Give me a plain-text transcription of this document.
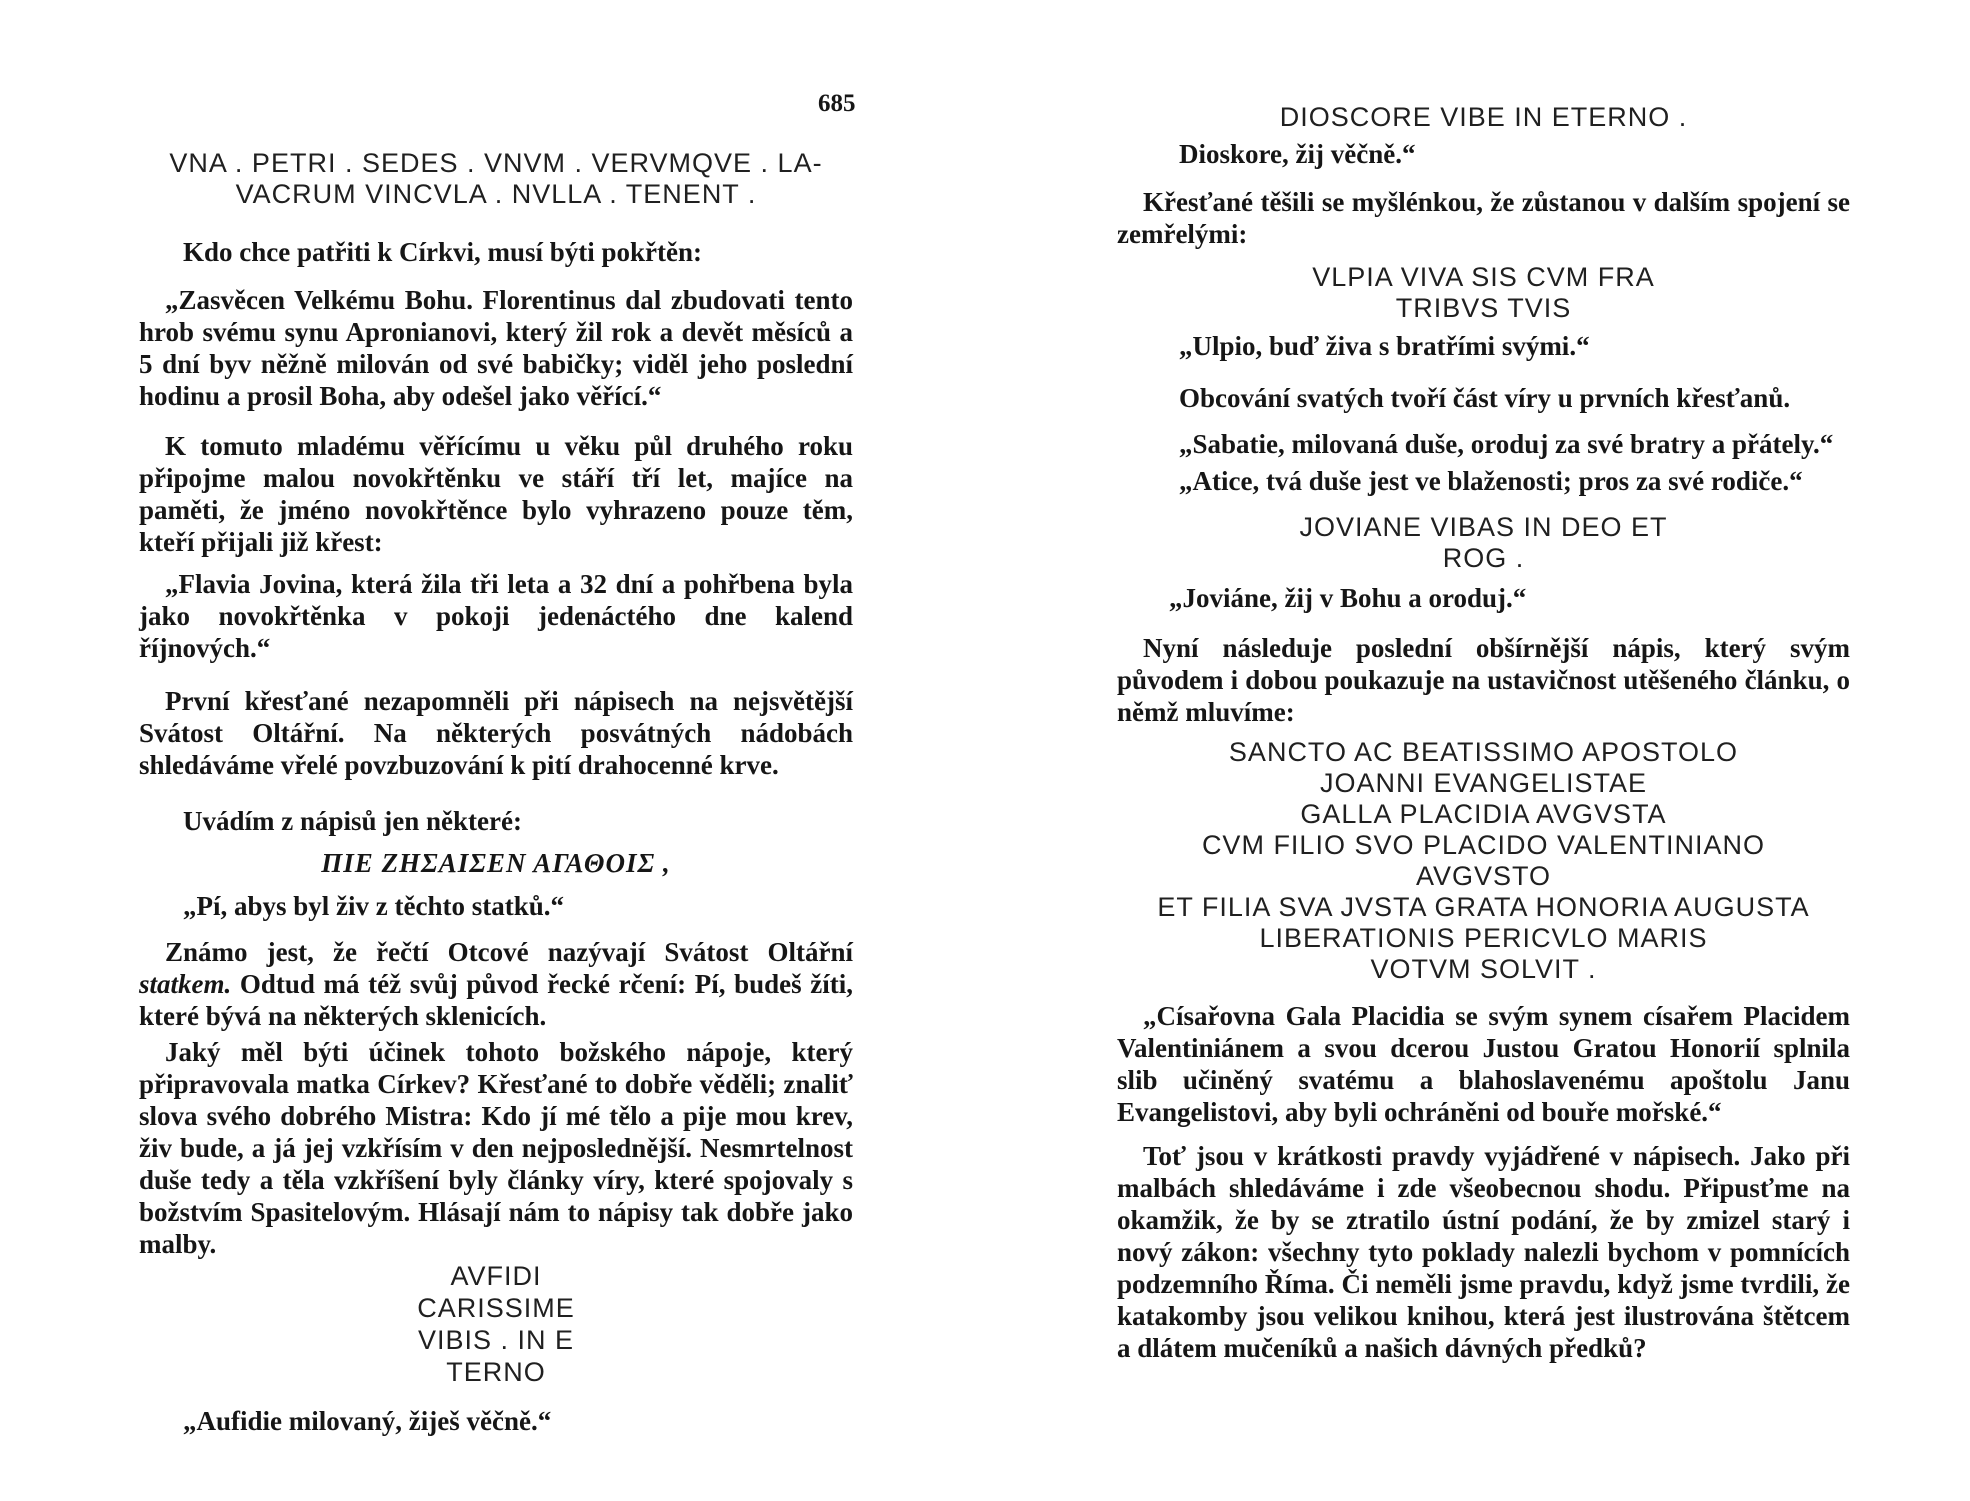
685

VNA . PETRI . SEDES . VNVM . VERVMQVE . LA-
VACRUM VINCVLA . NVLLA . TENENT .

Kdo chce patřiti k Církvi, musí býti pokřtěn:

„Zasvěcen Velkému Bohu. Florentinus dal zbudovati tento hrob svému synu Apronianovi, který žil rok a devět měsíců a 5 dní byv něžně milován od své babičky; viděl jeho poslední hodinu a prosil Boha, aby odešel jako věřící.“

K tomuto mladému věřícímu u věku půl druhého roku připojme malou novokřtěnku ve stáří tří let, majíce na paměti, že jméno novokřtěnce bylo vyhrazeno pouze těm, kteří přijali již křest:

„Flavia Jovina, která žila tři leta a 32 dní a pohřbena byla jako novokřtěnka v pokoji jedenáctého dne kalend říjnových.“

První křesťané nezapomněli při nápisech na nejsvětější Svátost Oltářní. Na některých posvátných nádobách shledáváme vřelé povzbuzování k pití drahocenné krve.

Uvádím z nápisů jen některé:

ΠΙΕ ΖΗΣΑΙΣΕΝ ΑΓΑΘΟΙΣ ,

„Pí, abys byl živ z těchto statků.“

Známo jest, že řečtí Otcové nazývají Svátost Oltářní statkem. Odtud má též svůj původ řecké rčení: Pí, budeš žíti, které bývá na některých sklenicích.

Jaký měl býti účinek tohoto božského nápoje, který připravovala matka Církev? Křesťané to dobře věděli; znaliť slova svého dobrého Mistra: Kdo jí mé tělo a pije mou krev, živ bude, a já jej vzkřísím v den nejposlednější. Nesmrtelnost duše tedy a těla vzkříšení byly články víry, které spojovaly s božstvím Spasitelovým. Hlásají nám to nápisy tak dobře jako malby.

AVFIDI
CARISSIME
VIBIS . IN E
TERNO

„Aufidie milovaný, žiješ věčně.“

DIOSCORE VIBE IN ETERNO .

Dioskore, žij věčně.“

Křesťané těšili se myšlénkou, že zůstanou v dalším spojení se zemřelými:

VLPIA VIVA SIS CVM FRA
TRIBVS TVIS

„Ulpio, buď živa s bratřími svými.“

Obcování svatých tvoří část víry u prvních křesťanů.

„Sabatie, milovaná duše, oroduj za své bratry a přátely.“

„Atice, tvá duše jest ve blaženosti; pros za své rodiče.“

JOVIANE VIBAS IN DEO ET
ROG .

„Joviáne, žij v Bohu a oroduj.“

Nyní následuje poslední obšírnější nápis, který svým původem i dobou poukazuje na ustavičnost utěšeného článku, o němž mluvíme:

SANCTO AC BEATISSIMO APOSTOLO
JOANNI EVANGELISTAE
GALLA PLACIDIA AVGVSTA
CVM FILIO SVO PLACIDO VALENTINIANO
AVGVSTO
ET FILIA SVA JVSTA GRATA HONORIA AUGUSTA
LIBERATIONIS PERICVLO MARIS
VOTVM SOLVIT .

„Císařovna Gala Placidia se svým synem císařem Placidem Valentiniánem a svou dcerou Justou Gratou Honorií splnila slib učiněný svatému a blahoslavenému apoštolu Janu Evangelistovi, aby byli ochráněni od bouře mořské.“

Toť jsou v krátkosti pravdy vyjádřené v nápisech. Jako při malbách shledáváme i zde všeobecnou shodu. Připusťme na okamžik, že by se ztratilo ústní podání, že by zmizel starý i nový zákon: všechny tyto poklady nalezli bychom v pomnících podzemního Říma. Či neměli jsme pravdu, když jsme tvrdili, že katakomby jsou velikou knihou, která jest ilustrována štětcem a dlátem mučeníků a našich dávných předků?
